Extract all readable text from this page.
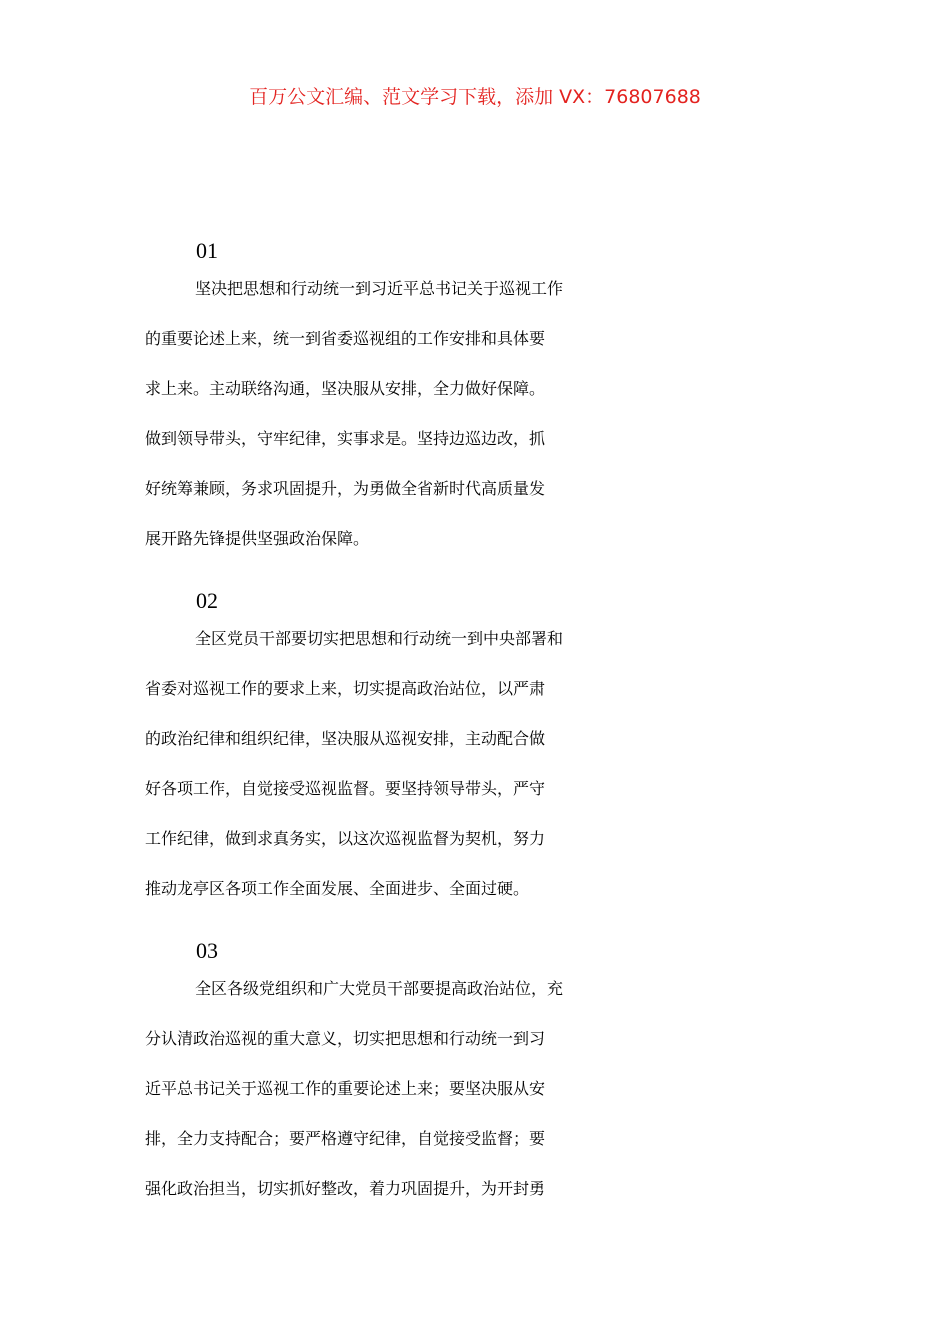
百万公文汇编、范文学习下载，添加 VX：76807688
01
坚决把思想和行动统一到习近平总书记关于巡视工作
的重要论述上来，统一到省委巡视组的工作安排和具体要
求上来。主动联络沟通，坚决服从安排，全力做好保障。
做到领导带头，守牢纪律，实事求是。坚持边巡边改，抓
好统筹兼顾，务求巩固提升，为勇做全省新时代高质量发
展开路先锋提供坚强政治保障。
02
全区党员干部要切实把思想和行动统一到中央部署和
省委对巡视工作的要求上来，切实提高政治站位，以严肃
的政治纪律和组织纪律，坚决服从巡视安排，主动配合做
好各项工作，自觉接受巡视监督。要坚持领导带头，严守
工作纪律，做到求真务实，以这次巡视监督为契机，努力
推动龙亭区各项工作全面发展、全面进步、全面过硬。
03
全区各级党组织和广大党员干部要提高政治站位，充
分认清政治巡视的重大意义，切实把思想和行动统一到习
近平总书记关于巡视工作的重要论述上来；要坚决服从安
排，全力支持配合；要严格遵守纪律，自觉接受监督；要
强化政治担当，切实抓好整改，着力巩固提升，为开封勇
